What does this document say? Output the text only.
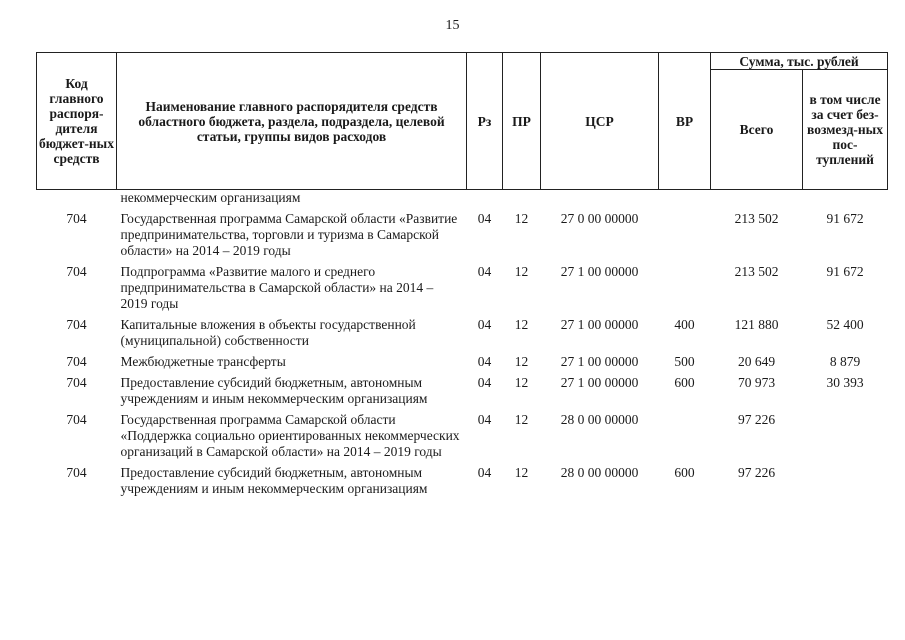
15
Код главного распоря-дителя бюджет-ных средств	Наименование главного распорядителя средств областного бюджета, раздела, подраздела, целевой статьи, группы видов расходов	Рз	ПР	ЦСР	ВР	Сумма, тыс. рублей	
						Всего	в том числе за счет без-возмезд-ных пос-туплений
	некоммерческим организациям						
704	Государственная программа Самарской области «Развитие предпринимательства, торговли и туризма в Самарской области» на 2014 – 2019 годы	04	12	27 0 00 00000		213 502	91 672
704	Подпрограмма «Развитие малого и среднего предпринимательства в Самарской области» на 2014 – 2019 годы	04	12	27 1 00 00000		213 502	91 672
704	Капитальные вложения в объекты государственной (муниципальной) собственности	04	12	27 1 00 00000	400	121 880	52 400
704	Межбюджетные трансферты	04	12	27 1 00 00000	500	20 649	8 879
704	Предоставление субсидий бюджетным, автономным учреждениям и иным некоммерческим организациям	04	12	27 1 00 00000	600	70 973	30 393
704	Государственная программа Самарской области «Поддержка социально ориентированных некоммерческих организаций в Самарской области» на 2014 – 2019 годы	04	12	28 0 00 00000		97 226	
704	Предоставление субсидий бюджетным, автономным учреждениям и иным некоммерческим организациям	04	12	28 0 00 00000	600	97 226	
